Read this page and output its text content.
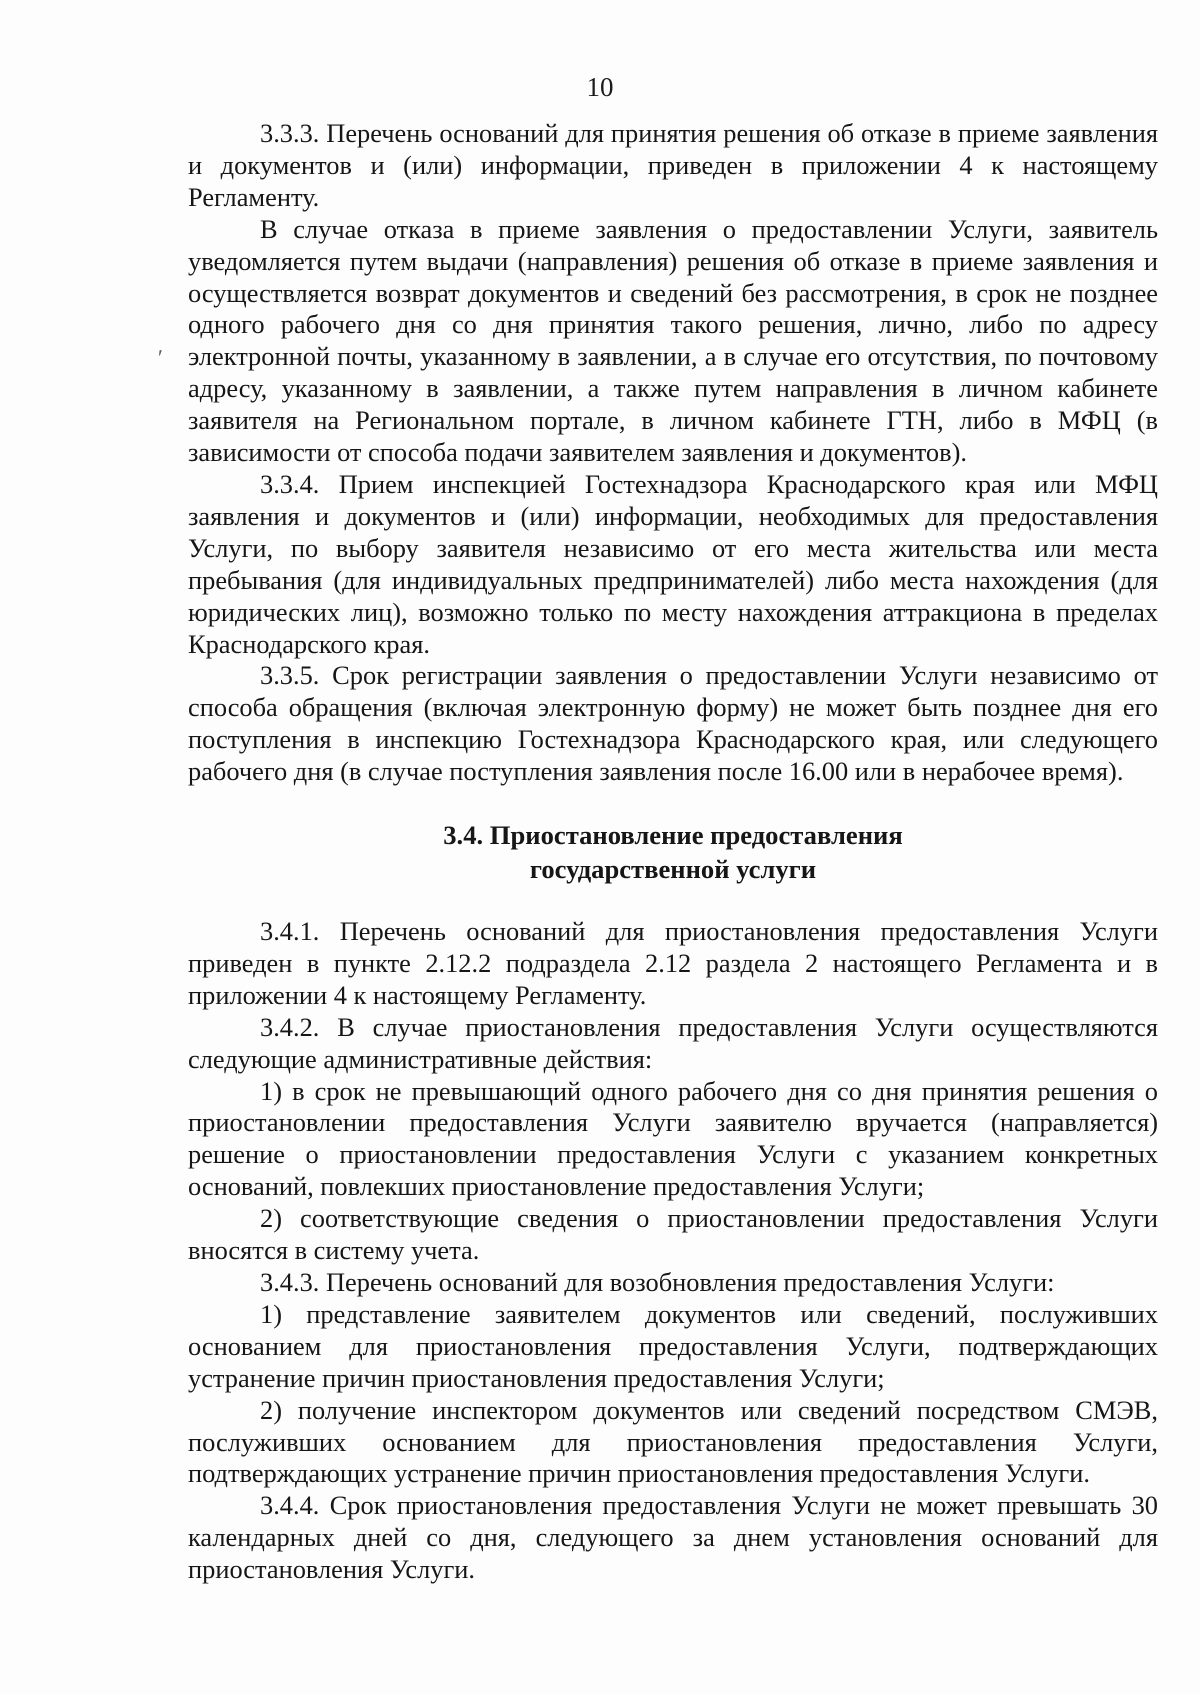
10
ʹ

3.3.3. Перечень оснований для принятия решения об отказе в приеме заявления и документов и (или) информации, приведен в приложении 4 к настоящему Регламенту.

В случае отказа в приеме заявления о предоставлении Услуги, заявитель уведомляется путем выдачи (направления) решения об отказе в приеме заявления и осуществляется возврат документов и сведений без рассмотрения, в срок не позднее одного рабочего дня со дня принятия такого решения, лично, либо по адресу электронной почты, указанному в заявлении, а в случае его отсутствия, по почтовому адресу, указанному в заявлении, а также путем направления в личном кабинете заявителя на Региональном портале, в личном кабинете ГТН, либо в МФЦ (в зависимости от способа подачи заявителем заявления и документов).

3.3.4. Прием инспекцией Гостехнадзора Краснодарского края или МФЦ заявления и документов и (или) информации, необходимых для предоставления Услуги, по выбору заявителя независимо от его места жительства или места пребывания (для индивидуальных предпринимателей) либо места нахождения (для юридических лиц), возможно только по месту нахождения аттракциона в пределах Краснодарского края.

3.3.5. Срок регистрации заявления о предоставлении Услуги независимо от способа обращения (включая электронную форму) не может быть позднее дня его поступления в инспекцию Гостехнадзора Краснодарского края, или следующего рабочего дня (в случае поступления заявления после 16.00 или в нерабочее время).

3.4. Приостановление предоставления
государственной услуги

3.4.1. Перечень оснований для приостановления предоставления Услуги приведен в пункте 2.12.2 подраздела 2.12 раздела 2 настоящего Регламента и в приложении 4 к настоящему Регламенту.

3.4.2. В случае приостановления предоставления Услуги осуществляются следующие административные действия:

1) в срок не превышающий одного рабочего дня со дня принятия решения о приостановлении предоставления Услуги заявителю вручается (направляется) решение о приостановлении предоставления Услуги с указанием конкретных оснований, повлекших приостановление предоставления Услуги;

2) соответствующие сведения о приостановлении предоставления Услуги вносятся в систему учета.

3.4.3. Перечень оснований для возобновления предоставления Услуги:

1) представление заявителем документов или сведений, послуживших основанием для приостановления предоставления Услуги, подтверждающих устранение причин приостановления предоставления Услуги;

2) получение инспектором документов или сведений посредством СМЭВ, послуживших основанием для приостановления предоставления Услуги, подтверждающих устранение причин приостановления предоставления Услуги.

3.4.4. Срок приостановления предоставления Услуги не может превышать 30 календарных дней со дня, следующего за днем установления оснований для приостановления Услуги.
